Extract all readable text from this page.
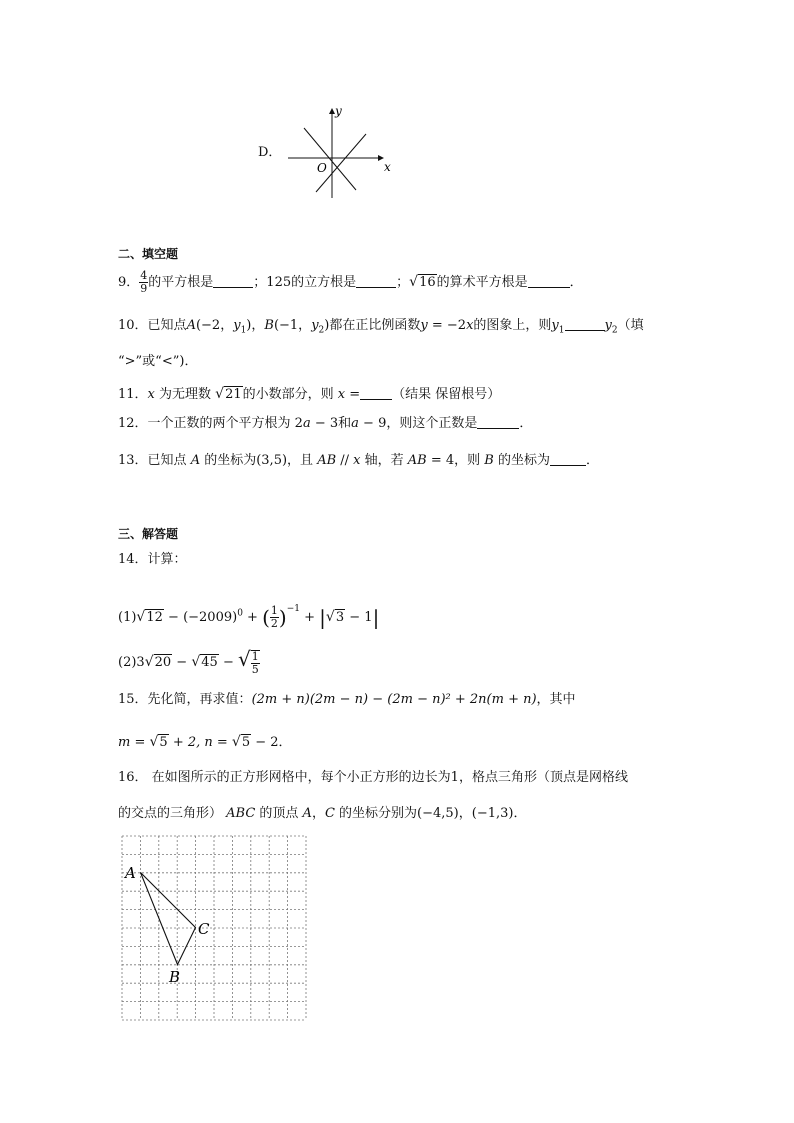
D．
y
x
O
二、填空题
9． $\frac{4}{9}$ 的平方根是	；125的立方根是	；√16的算术平方根是	．
10．已知点A(−2，$y_1$)，B(−1，$y_2$)都在正比例函数y = −2x的图象上，则$y_1$	$y_2$（填
“>”或“<”)．
11．x 为无理数 √21的小数部分，则 x = （结果 保留根号）
12．一个正数的两个平方根为 2a − 3和a − 9，则这个正数是	．
13．已知点 A 的坐标为(3,5)，且 AB // x 轴，若 AB = 4，则 B 的坐标为	．
三、解答题
14．计算：
$(1)√12 - (-2009)^0$ + ( $\frac{1}{2} )^{-1} + |√3 - 1|$
(2)3√20 − √45 − √ $\frac{1}{5}$
15．先化简，再求值：(2m + n)(2m − n) − (2m − n)² + 2n(m + n)，其中
m = √5 + 2, n = √5 − 2．
16． 在如图所示的正方形网格中，每个小正方形的边长为1，格点三角形（顶点是网格线
的交点的三角形） ABC 的顶点 A，C 的坐标分别为(−4,5)，(−1,3)．
A
C
B
